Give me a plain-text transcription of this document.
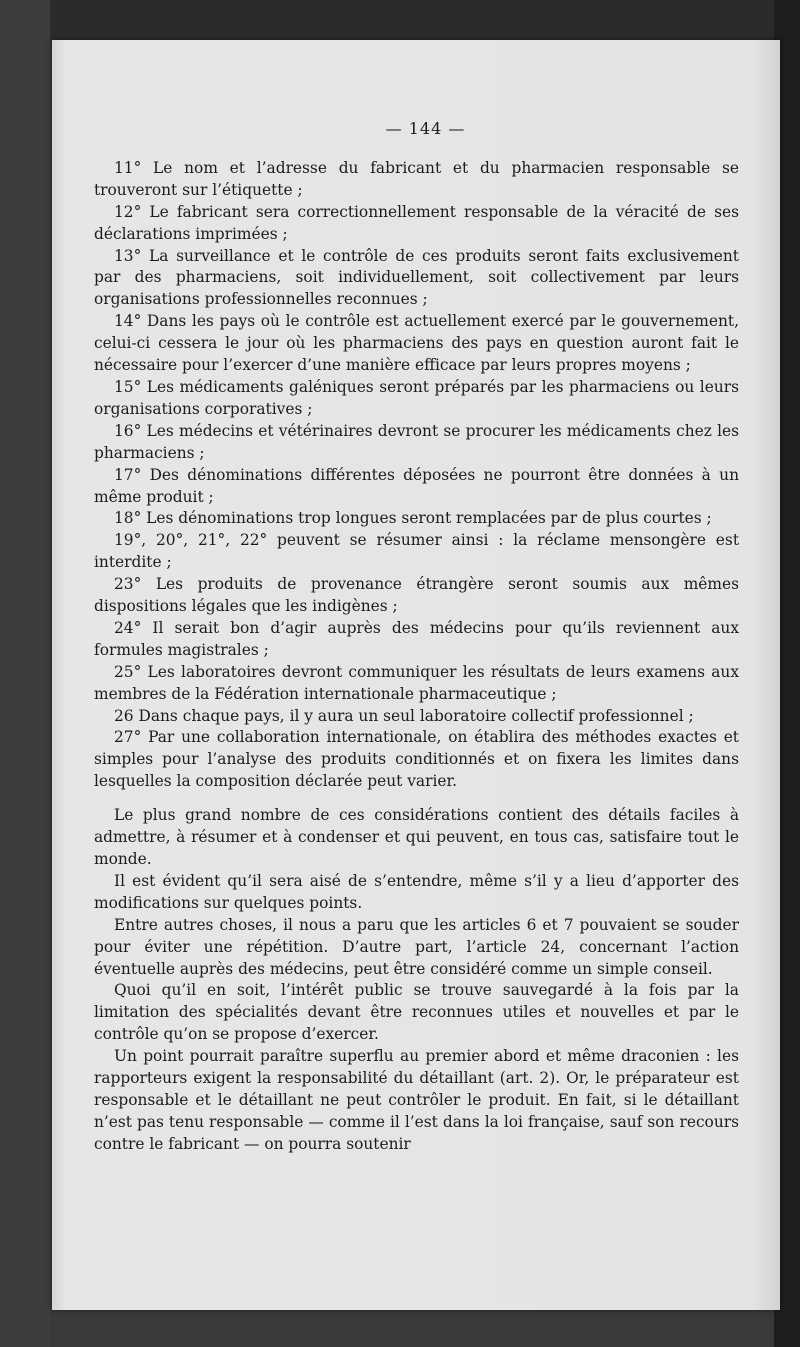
— 144 —

11° Le nom et l’adresse du fabricant et du pharmacien responsable se trouveront sur l’étiquette ;

12° Le fabricant sera correctionnellement responsable de la véracité de ses déclarations imprimées ;

13° La surveillance et le contrôle de ces produits seront faits exclusivement par des pharmaciens, soit individuellement, soit collectivement par leurs organisations professionnelles reconnues ;

14° Dans les pays où le contrôle est actuellement exercé par le gouvernement, celui-ci cessera le jour où les pharmaciens des pays en question auront fait le nécessaire pour l’exercer d’une manière efficace par leurs propres moyens ;

15° Les médicaments galéniques seront préparés par les pharmaciens ou leurs organisations corporatives ;

16° Les médecins et vétérinaires devront se procurer les médicaments chez les pharmaciens ;

17° Des dénominations différentes déposées ne pourront être données à un même produit ;

18° Les dénominations trop longues seront remplacées par de plus courtes ;

19°, 20°, 21°, 22° peuvent se résumer ainsi : la réclame mensongère est interdite ;

23° Les produits de provenance étrangère seront soumis aux mêmes dispositions légales que les indigènes ;

24° Il serait bon d’agir auprès des médecins pour qu’ils reviennent aux formules magistrales ;

25° Les laboratoires devront communiquer les résultats de leurs examens aux membres de la Fédération internationale pharmaceutique ;

26 Dans chaque pays, il y aura un seul laboratoire collectif professionnel ;

27° Par une collaboration internationale, on établira des méthodes exactes et simples pour l’analyse des produits conditionnés et on fixera les limites dans lesquelles la composition déclarée peut varier.

Le plus grand nombre de ces considérations contient des détails faciles à admettre, à résumer et à condenser et qui peuvent, en tous cas, satisfaire tout le monde.

Il est évident qu’il sera aisé de s’entendre, même s’il y a lieu d’apporter des modifications sur quelques points.

Entre autres choses, il nous a paru que les articles 6 et 7 pouvaient se souder pour éviter une répétition. D’autre part, l’article 24, concernant l’action éventuelle auprès des médecins, peut être considéré comme un simple conseil.

Quoi qu’il en soit, l’intérêt public se trouve sauvegardé à la fois par la limitation des spécialités devant être reconnues utiles et nouvelles et par le contrôle qu’on se propose d’exercer.

Un point pourrait paraître superflu au premier abord et même draconien : les rapporteurs exigent la responsabilité du détaillant (art. 2). Or, le préparateur est responsable et le détaillant ne peut contrôler le produit. En fait, si le détaillant n’est pas tenu responsable — comme il l’est dans la loi française, sauf son recours contre le fabricant — on pourra soutenir
